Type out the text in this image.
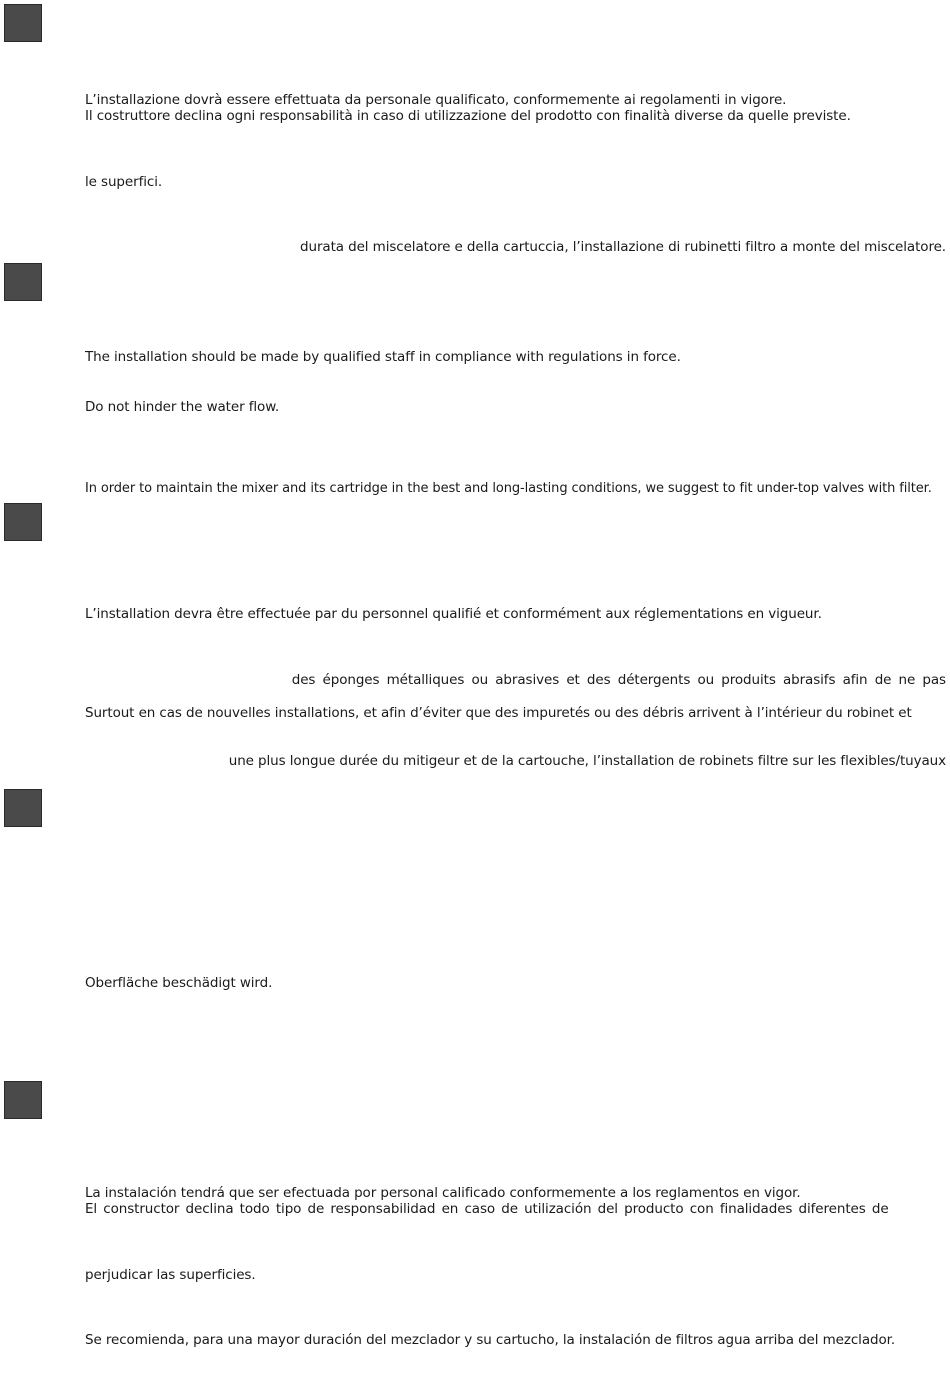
L’installazione dovrà essere effettuata da personale qualificato, conformemente ai regolamenti in vigore.
Il costruttore declina ogni responsabilità in caso di utilizzazione del prodotto con finalità diverse da quelle previste.
le superfici.
durata del miscelatore e della cartuccia, l’installazione di rubinetti filtro a monte del miscelatore.
The installation should be made by qualified staff in compliance with regulations in force.
Do not hinder the water flow.
In order to maintain the mixer and its cartridge in the best and long-lasting conditions, we suggest to fit under-top valves with filter.
L’installation devra être effectuée par du personnel qualifié et conformément aux réglementations en vigueur.
des éponges métalliques ou abrasives et des détergents ou produits abrasifs afin de ne pas
Surtout en cas de nouvelles installations, et afin d’éviter que des impuretés ou des débris arrivent à l’intérieur du robinet et
une plus longue durée du mitigeur et de la cartouche, l’installation de robinets filtre sur les flexibles/tuyaux
Oberfläche beschädigt wird.
La instalación tendrá que ser efectuada por personal calificado conformemente a los reglamentos en vigor.
El constructor declina todo tipo de responsabilidad en caso de utilización del producto con finalidades diferentes de
perjudicar las superficies.
Se recomienda, para una mayor duración del mezclador y su cartucho, la instalación de filtros agua arriba del mezclador.
